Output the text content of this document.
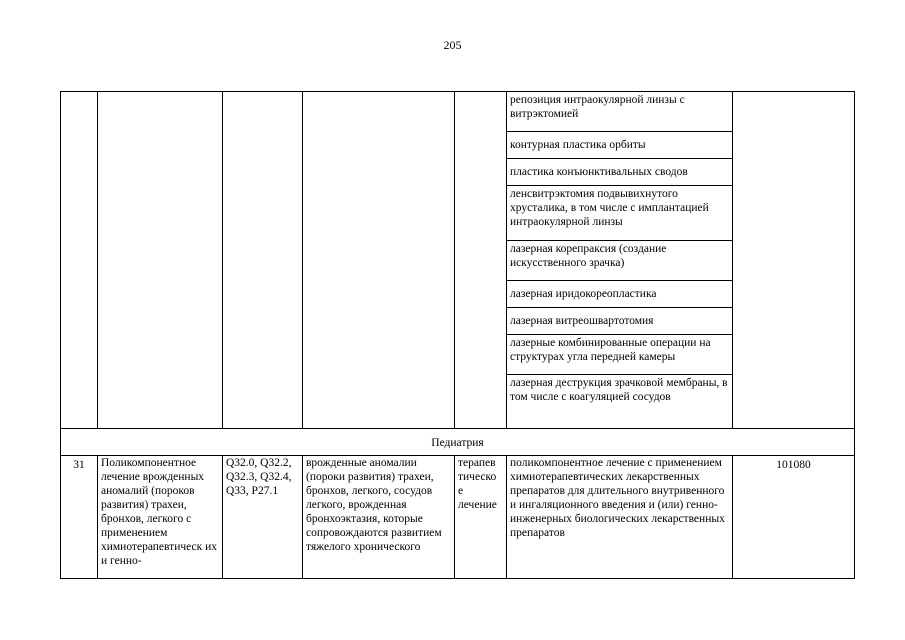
205
					репозиция интраокулярной линзы с витрэктомией	
					контурная пластика орбиты	
					пластика конъюнктивальных сводов	
					ленсвитрэктомия подвывихнутого хрусталика, в том числе с имплантацией интраокулярной линзы	
					лазерная корепраксия (создание искусственного зрачка)	
					лазерная иридокореопластика	
					лазерная витреошвартотомия	
					лазерные комбинированные операции на структурах угла передней камеры	
					лазерная деструкция зрачковой мембраны, в том числе с коагуляцией сосудов	
Педиатрия						
31	Поликомпонентное лечение врожденных аномалий (пороков развития) трахеи, бронхов, легкого с применением химиотерапевтическ их и генно-	Q32.0, Q32.2, Q32.3, Q32.4, Q33, P27.1	врожденные аномалии (пороки развития) трахеи, бронхов, легкого, сосудов легкого, врожденная бронхоэктазия, которые сопровождаются развитием тяжелого хронического	терапев тическо е лечение	поликомпонентное лечение с применением химиотерапевтических лекарственных препаратов для длительного внутривенного и ингаляционного введения и (или) генно-инженерных биологических лекарственных препаратов	101080
